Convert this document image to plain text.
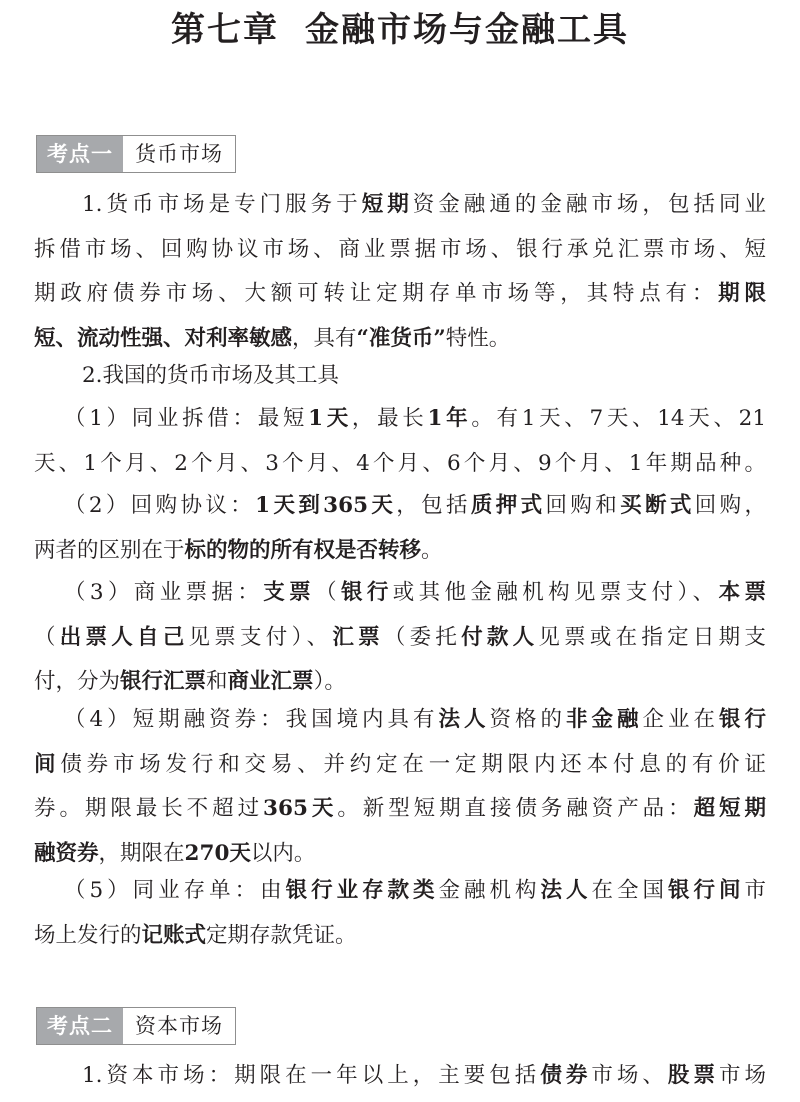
第七章 金融市场与金融工具
考点一	货币市场
1.货币市场是专门服务于短期资金融通的金融市场，包括同业
拆借市场、回购协议市场、商业票据市场、银行承兑汇票市场、短
期政府债券市场、大额可转让定期存单市场等，其特点有：期限
短、流动性强、对利率敏感，具有“准货币”特性。
2.我国的货币市场及其工具
（1）同业拆借：最短1天，最长1年。有1天、7天、14天、21
天、1个月、2个月、3个月、4个月、6个月、9个月、1年期品种。
（2）回购协议：1天到365天，包括质押式回购和买断式回购，
两者的区别在于标的物的所有权是否转移。
（3）商业票据：支票（银行或其他金融机构见票支付）、本票
（出票人自己见票支付）、汇票（委托付款人见票或在指定日期支
付，分为银行汇票和商业汇票）。
（4）短期融资券：我国境内具有法人资格的非金融企业在银行
间债券市场发行和交易、并约定在一定期限内还本付息的有价证
券。期限最长不超过365天。新型短期直接债务融资产品：超短期
融资券，期限在270天以内。
（5）同业存单：由银行业存款类金融机构法人在全国银行间市
场上发行的记账式定期存款凭证。
考点二	资本市场
1.资本市场：期限在一年以上，主要包括债券市场、股票市场
